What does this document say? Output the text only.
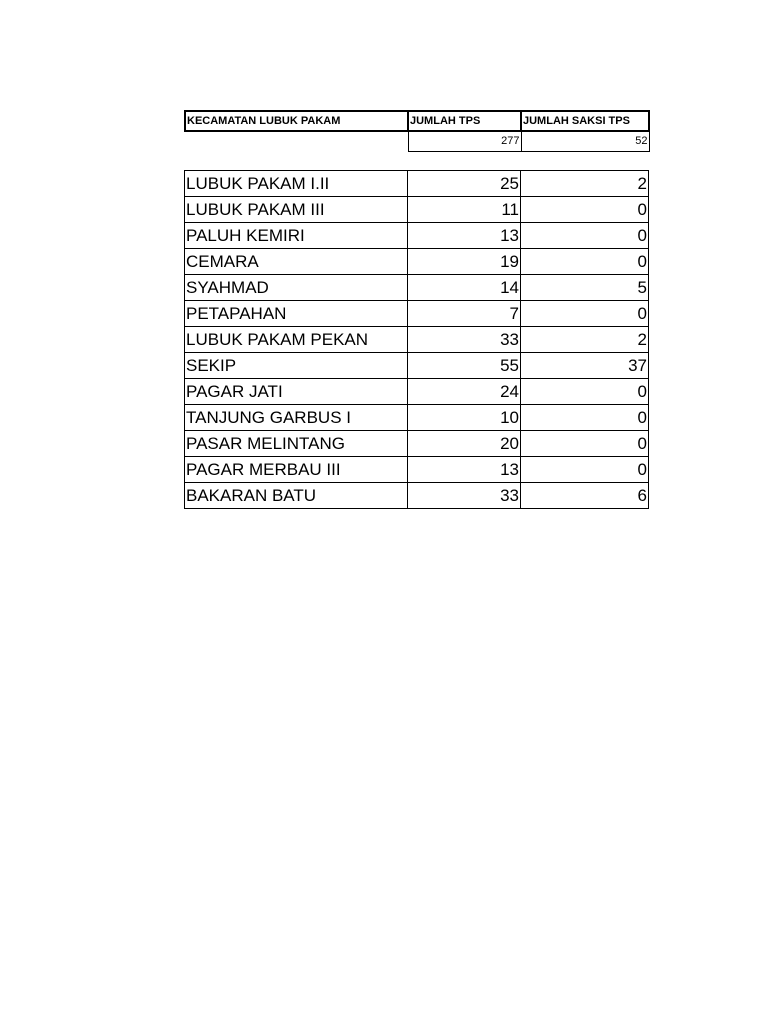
KECAMATAN LUBUK PAKAM	JUMLAH TPS	JUMLAH SAKSI TPS
	277	52
LUBUK PAKAM I.II	25	2
LUBUK PAKAM III	11	0
PALUH KEMIRI	13	0
CEMARA	19	0
SYAHMAD	14	5
PETAPAHAN	7	0
LUBUK PAKAM PEKAN	33	2
SEKIP	55	37
PAGAR JATI	24	0
TANJUNG GARBUS I	10	0
PASAR MELINTANG	20	0
PAGAR MERBAU III	13	0
BAKARAN BATU	33	6
